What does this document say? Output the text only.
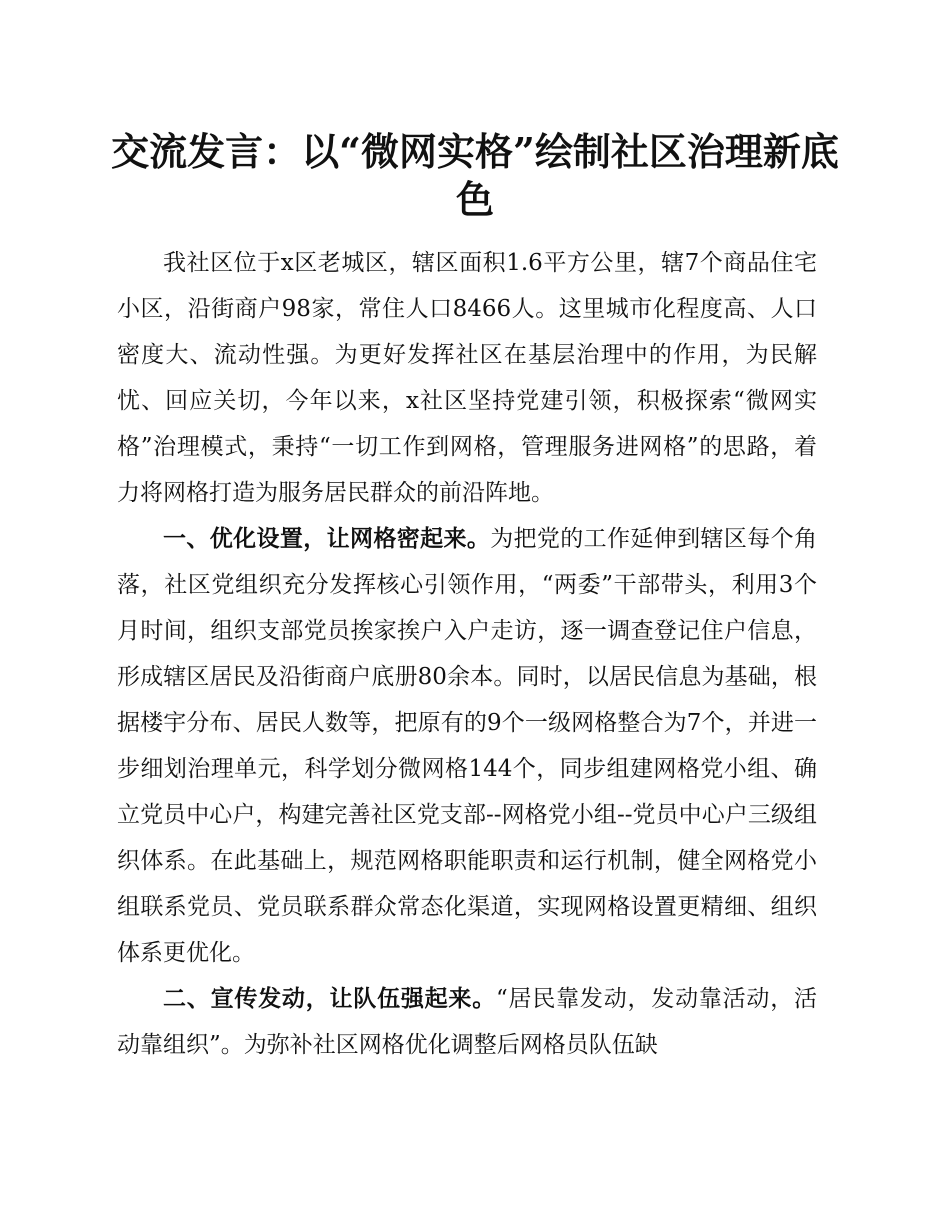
交流发言：以“微网实格”绘制社区治理新底色

我社区位于x区老城区，辖区面积1.6平方公里，辖7个商品住宅小区，沿街商户98家，常住人口8466人。这里城市化程度高、人口密度大、流动性强。为更好发挥社区在基层治理中的作用，为民解忧、回应关切，今年以来，x社区坚持党建引领，积极探索“微网实格”治理模式，秉持“一切工作到网格，管理服务进网格”的思路，着力将网格打造为服务居民群众的前沿阵地。

一、优化设置，让网格密起来。为把党的工作延伸到辖区每个角落，社区党组织充分发挥核心引领作用，“两委”干部带头，利用3个月时间，组织支部党员挨家挨户入户走访，逐一调查登记住户信息，形成辖区居民及沿街商户底册80余本。同时，以居民信息为基础，根据楼宇分布、居民人数等，把原有的9个一级网格整合为7个，并进一步细划治理单元，科学划分微网格144个，同步组建网格党小组、确立党员中心户，构建完善社区党支部--网格党小组--党员中心户三级组织体系。在此基础上，规范网格职能职责和运行机制，健全网格党小组联系党员、党员联系群众常态化渠道，实现网格设置更精细、组织体系更优化。

二、宣传发动，让队伍强起来。“居民靠发动，发动靠活动，活动靠组织”。为弥补社区网格优化调整后网格员队伍缺
